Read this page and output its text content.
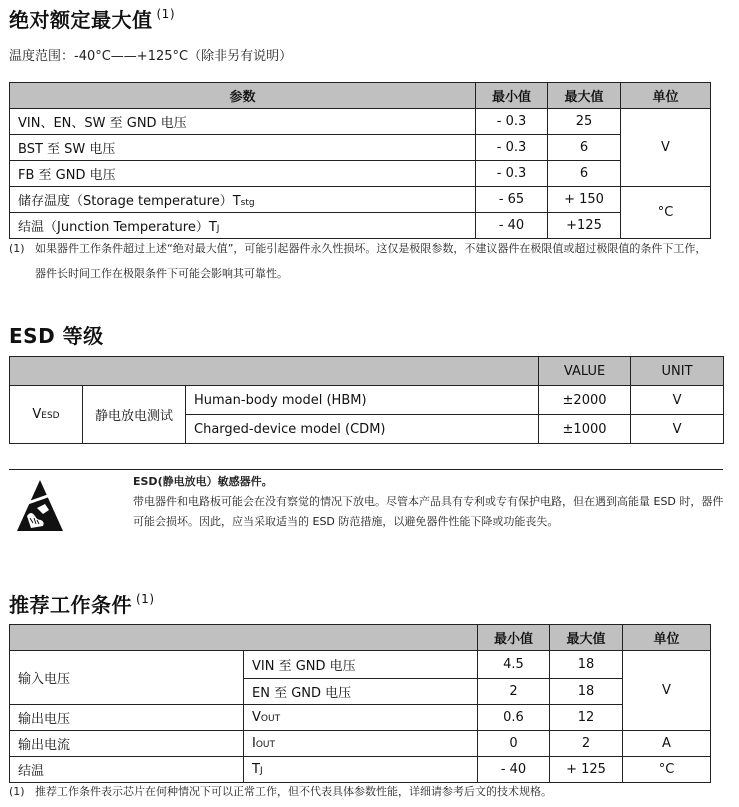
绝对额定最大值 $^{(1)}$
温度范围：-40°C——+125°C（除非另有说明）
参数	最小值	最大值	单位
VIN、EN、SW 至 GND 电压	- 0.3	25	V
BST 至 SW 电压	- 0.3	6	
FB 至 GND 电压	- 0.3	6	
储存温度（Storage temperature）Tstg	- 65	+ 150	°C
结温（Junction Temperature）TJ	- 40	+125	
(1) 如果器件工作条件超过上述“绝对最大值”，可能引起器件永久性损坏。这仅是极限参数，不建议器件在极限值或超过极限值的条件下工作，
器件长时间工作在极限条件下可能会影响其可靠性。
ESD 等级
			VALUE	UNIT
VESD	静电放电测试	Human-body model (HBM)	±2000	V
		Charged-device model (CDM)	±1000	V
ESD(静电放电）敏感器件。
带电器件和电路板可能会在没有察觉的情况下放电。尽管本产品具有专利或专有保护电路，但在遇到高能量 ESD 时，器件
可能会损坏。因此，应当采取适当的 ESD 防范措施，以避免器件性能下降或功能丧失。
推荐工作条件 $^{(1)}$
		最小值	最大值	单位
输入电压	VIN 至 GND 电压	4.5	18	V
	EN 至 GND 电压	2	18	
输出电压	VOUT	0.6	12	
输出电流	IOUT	0	2	A
结温	TJ	- 40	+ 125	°C
(1) 推荐工作条件表示芯片在何种情况下可以正常工作，但不代表具体参数性能，详细请参考后文的技术规格。
